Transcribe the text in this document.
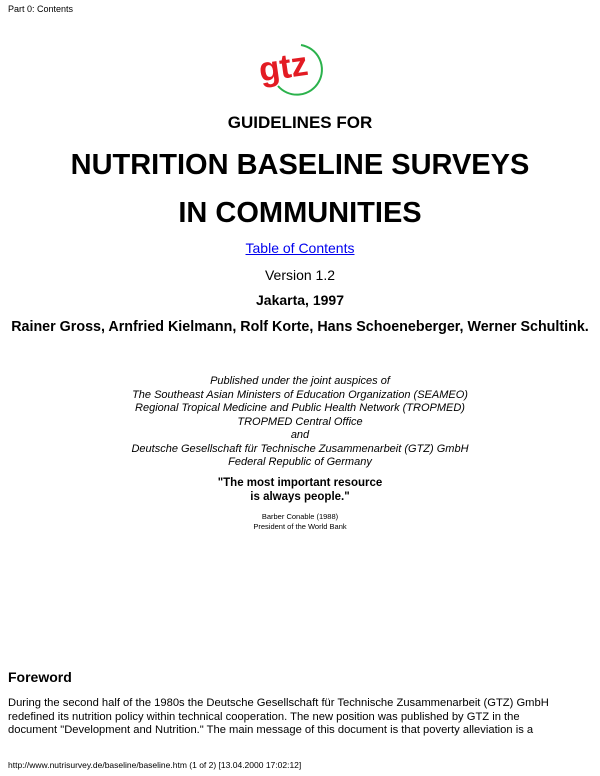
Part 0: Contents
gtz
GUIDELINES FOR
NUTRITION BASELINE SURVEYS
IN COMMUNITIES
Table of Contents
Version 1.2
Jakarta, 1997
Rainer Gross, Arnfried Kielmann, Rolf Korte, Hans Schoeneberger, Werner Schultink.
Published under the joint auspices of
The Southeast Asian Ministers of Education Organization (SEAMEO)
Regional Tropical Medicine and Public Health Network (TROPMED)
TROPMED Central Office
and
Deutsche Gesellschaft für Technische Zusammenarbeit (GTZ) GmbH
Federal Republic of Germany
"The most important resource
is always people."
Barber Conable (1988)
President of the World Bank
Foreword
During the second half of the 1980s the Deutsche Gesellschaft für Technische Zusammenarbeit (GTZ) GmbH
redefined its nutrition policy within technical cooperation. The new position was published by GTZ in the
document "Development and Nutrition." The main message of this document is that poverty alleviation is a
http://www.nutrisurvey.de/baseline/baseline.htm (1 of 2) [13.04.2000 17:02:12]
